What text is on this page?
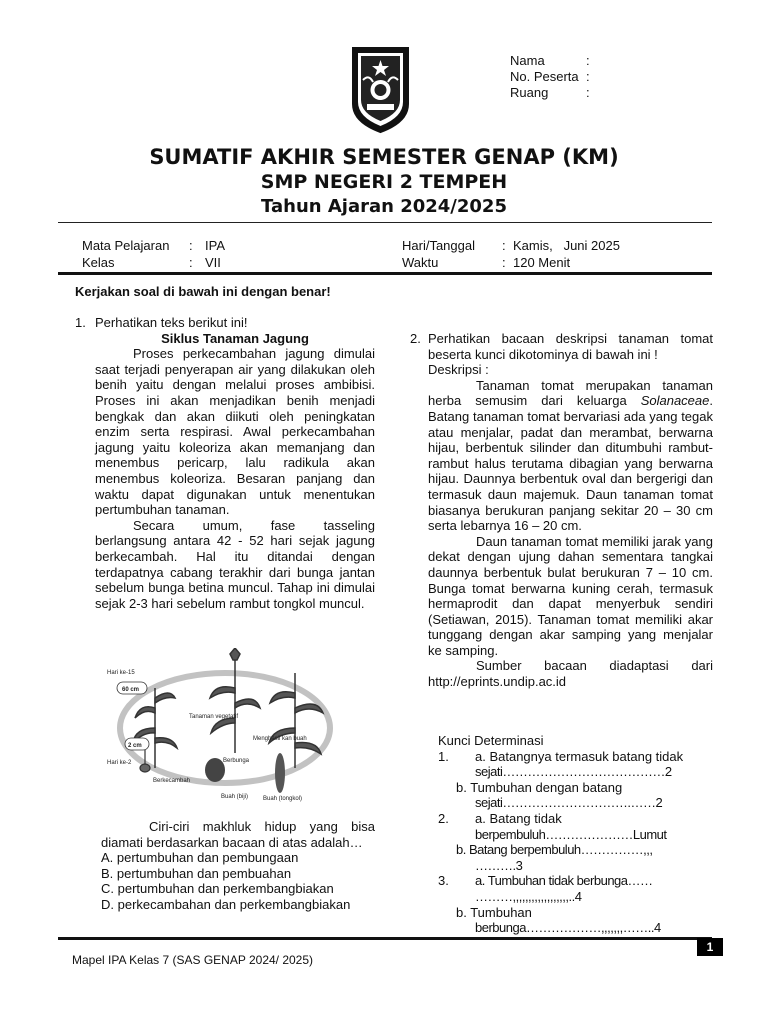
Nama	:
No. Peserta :
Ruang	:
SUMATIF AKHIR SEMESTER GENAP (KM)
SMP NEGERI 2 TEMPEH
Tahun Ajaran 2024/2025
Mata Pelajaran	: IPA
Kelas	: VII
Hari/Tanggal	: Kamis,   Juni 2025
Waktu	: 120 Menit
Kerjakan soal di bawah ini dengan benar!
1. Perhatikan teks berikut ini!
Siklus Tanaman Jagung
Proses perkecambahan jagung dimulai saat terjadi penyerapan air yang dilakukan oleh benih yaitu dengan melalui proses ambibisi. Proses ini akan menjadikan benih menjadi bengkak dan akan diikuti oleh peningkatan enzim serta respirasi. Awal perkecambahan jagung yaitu koleoriza akan memanjang dan menembus pericarp, lalu radikula akan menembus koleoriza. Besaran panjang dan waktu dapat digunakan untuk menentukan pertumbuhan tanaman.
Secara umum, fase tasseling berlangsung antara 42 - 52 hari sejak jagung berkecambah. Hal itu ditandai dengan terdapatnya cabang terakhir dari bunga jantan sebelum bunga betina muncul. Tahap ini dimulai sejak 2-3 hari sebelum rambut tongkol muncul.
Hari ke-15
60 cm
2 cm
Hari ke-2
Tanaman vegetatif
Berbunga
Berkecambah
Menghasil kan buah
Buah (biji) Buah (tongkol)
Ciri-ciri makhluk hidup yang bisa diamati berdasarkan bacaan di atas adalah…
A. pertumbuhan dan pembungaan
B. pertumbuhan dan pembuahan
C. pertumbuhan dan perkembangbiakan
D. perkecambahan dan perkembangbiakan
2. Perhatikan bacaan deskripsi tanaman tomat beserta kunci dikotominya di bawah ini !
Deskripsi :
Tanaman tomat merupakan tanaman herba semusim dari keluarga Solanaceae. Batang tanaman tomat bervariasi ada yang tegak atau menjalar, padat dan merambat, berwarna hijau, berbentuk silinder dan ditumbuhi rambut-rambut halus terutama dibagian yang berwarna hijau. Daunnya berbentuk oval dan bergerigi dan termasuk daun majemuk. Daun tanaman tomat biasanya berukuran panjang sekitar 20 – 30 cm serta lebarnya 16 – 20 cm.
Daun tanaman tomat memiliki jarak yang dekat dengan ujung dahan sementara tangkai daunnya berbentuk bulat berukuran 7 – 10 cm. Bunga tomat berwarna kuning cerah, termasuk hermaprodit dan dapat menyerbuk sendiri (Setiawan, 2015). Tanaman tomat memiliki akar tunggang dengan akar samping yang menjalar ke samping.
Sumber bacaan diadaptasi dari http://eprints.undip.ac.id
Kunci Determinasi
1.	a. Batangnya termasuk batang tidak
sejati…………………………………2
b. Tumbuhan dengan batang
sejati………………………….……2
2.	a. Batang tidak
berpembuluh…………………Lumut
b. Batang berpembuluh……………,,,
……….3
3.	a. Tumbuhan tidak berbunga……
………,,,,,,,,,,,,,,,,,,..4
b. Tumbuhan
berbunga………………,,,,,,,……..4
1
Mapel IPA Kelas 7 (SAS GENAP 2024/ 2025)
